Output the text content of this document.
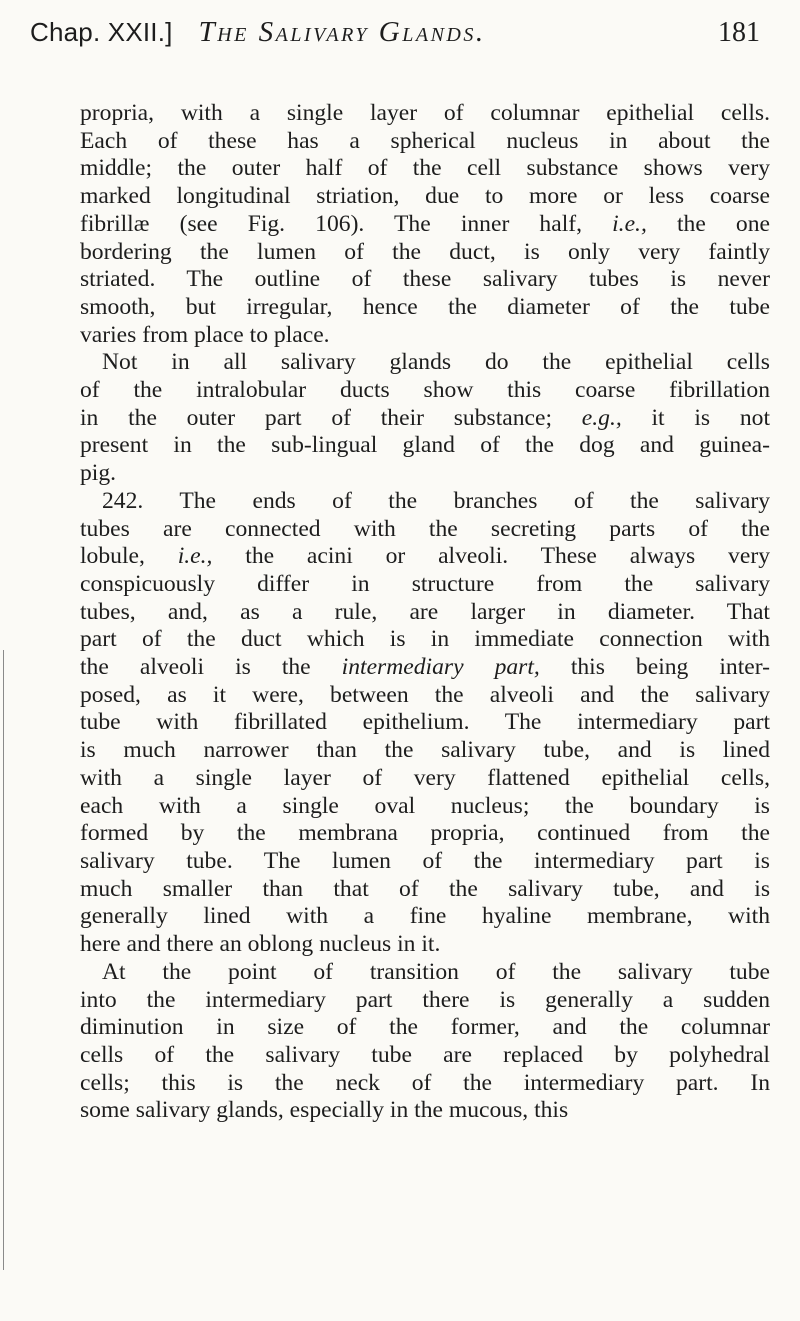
Chap. XXII.] The Salivary Glands.	181

propria, with a single layer of columnar epithelial cells.
Each of these has a spherical nucleus in about the
middle; the outer half of the cell substance shows very
marked longitudinal striation, due to more or less coarse
fibrillæ (see Fig. 106). The inner half, i.e., the one
bordering the lumen of the duct, is only very faintly
striated. The outline of these salivary tubes is never
smooth, but irregular, hence the diameter of the tube
varies from place to place.

Not in all salivary glands do the epithelial cells
of the intralobular ducts show this coarse fibrillation
in the outer part of their substance; e.g., it is not
present in the sub-lingual gland of the dog and guinea-
pig.

242. The ends of the branches of the salivary
tubes are connected with the secreting parts of the
lobule, i.e., the acini or alveoli. These always very
conspicuously differ in structure from the salivary
tubes, and, as a rule, are larger in diameter. That
part of the duct which is in immediate connection with
the alveoli is the intermediary part, this being inter-
posed, as it were, between the alveoli and the salivary
tube with fibrillated epithelium. The intermediary part
is much narrower than the salivary tube, and is lined
with a single layer of very flattened epithelial cells,
each with a single oval nucleus; the boundary is
formed by the membrana propria, continued from the
salivary tube. The lumen of the intermediary part is
much smaller than that of the salivary tube, and is
generally lined with a fine hyaline membrane, with
here and there an oblong nucleus in it.

At the point of transition of the salivary tube
into the intermediary part there is generally a sudden
diminution in size of the former, and the columnar
cells of the salivary tube are replaced by polyhedral
cells; this is the neck of the intermediary part. In
some salivary glands, especially in the mucous, this
